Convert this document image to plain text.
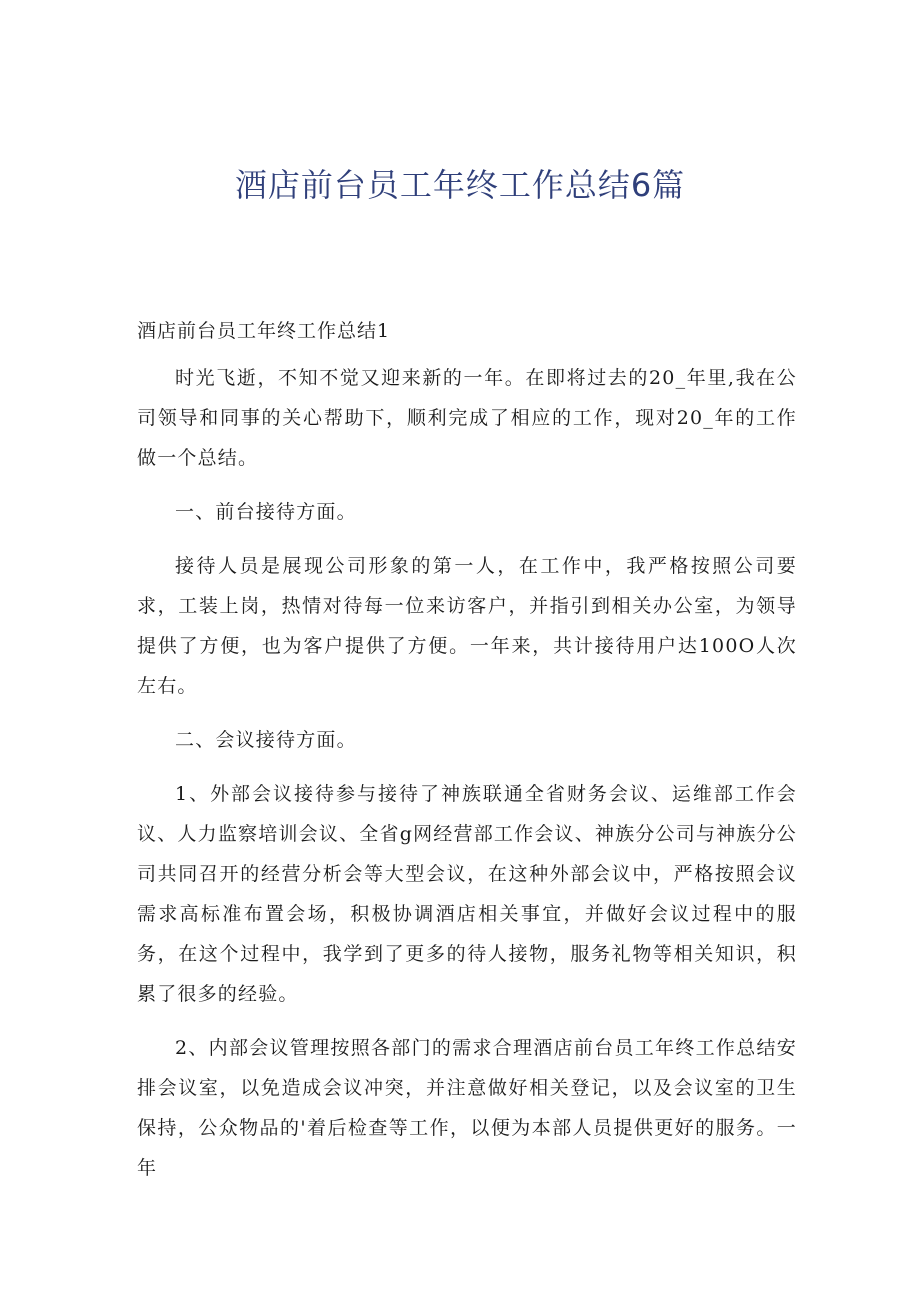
酒店前台员工年终工作总结6篇
酒店前台员工年终工作总结1

时光飞逝，不知不觉又迎来新的一年。在即将过去的20_年里,我在公司领导和同事的关心帮助下，顺利完成了相应的工作，现对20_年的工作做一个总结。

一、前台接待方面。

接待人员是展现公司形象的第一人，在工作中，我严格按照公司要求，工装上岗，热情对待每一位来访客户，并指引到相关办公室，为领导提供了方便，也为客户提供了方便。一年来，共计接待用户达100O人次左右。

二、会议接待方面。

1、外部会议接待参与接待了神族联通全省财务会议、运维部工作会议、人力监察培训会议、全省g网经营部工作会议、神族分公司与神族分公司共同召开的经营分析会等大型会议，在这种外部会议中，严格按照会议需求高标准布置会场，积极协调酒店相关事宜，并做好会议过程中的服务，在这个过程中，我学到了更多的待人接物，服务礼物等相关知识，积累了很多的经验。

2、内部会议管理按照各部门的需求合理酒店前台员工年终工作总结安排会议室，以免造成会议冲突，并注意做好相关登记，以及会议室的卫生保持，公众物品的'着后检查等工作，以便为本部人员提供更好的服务。一年
